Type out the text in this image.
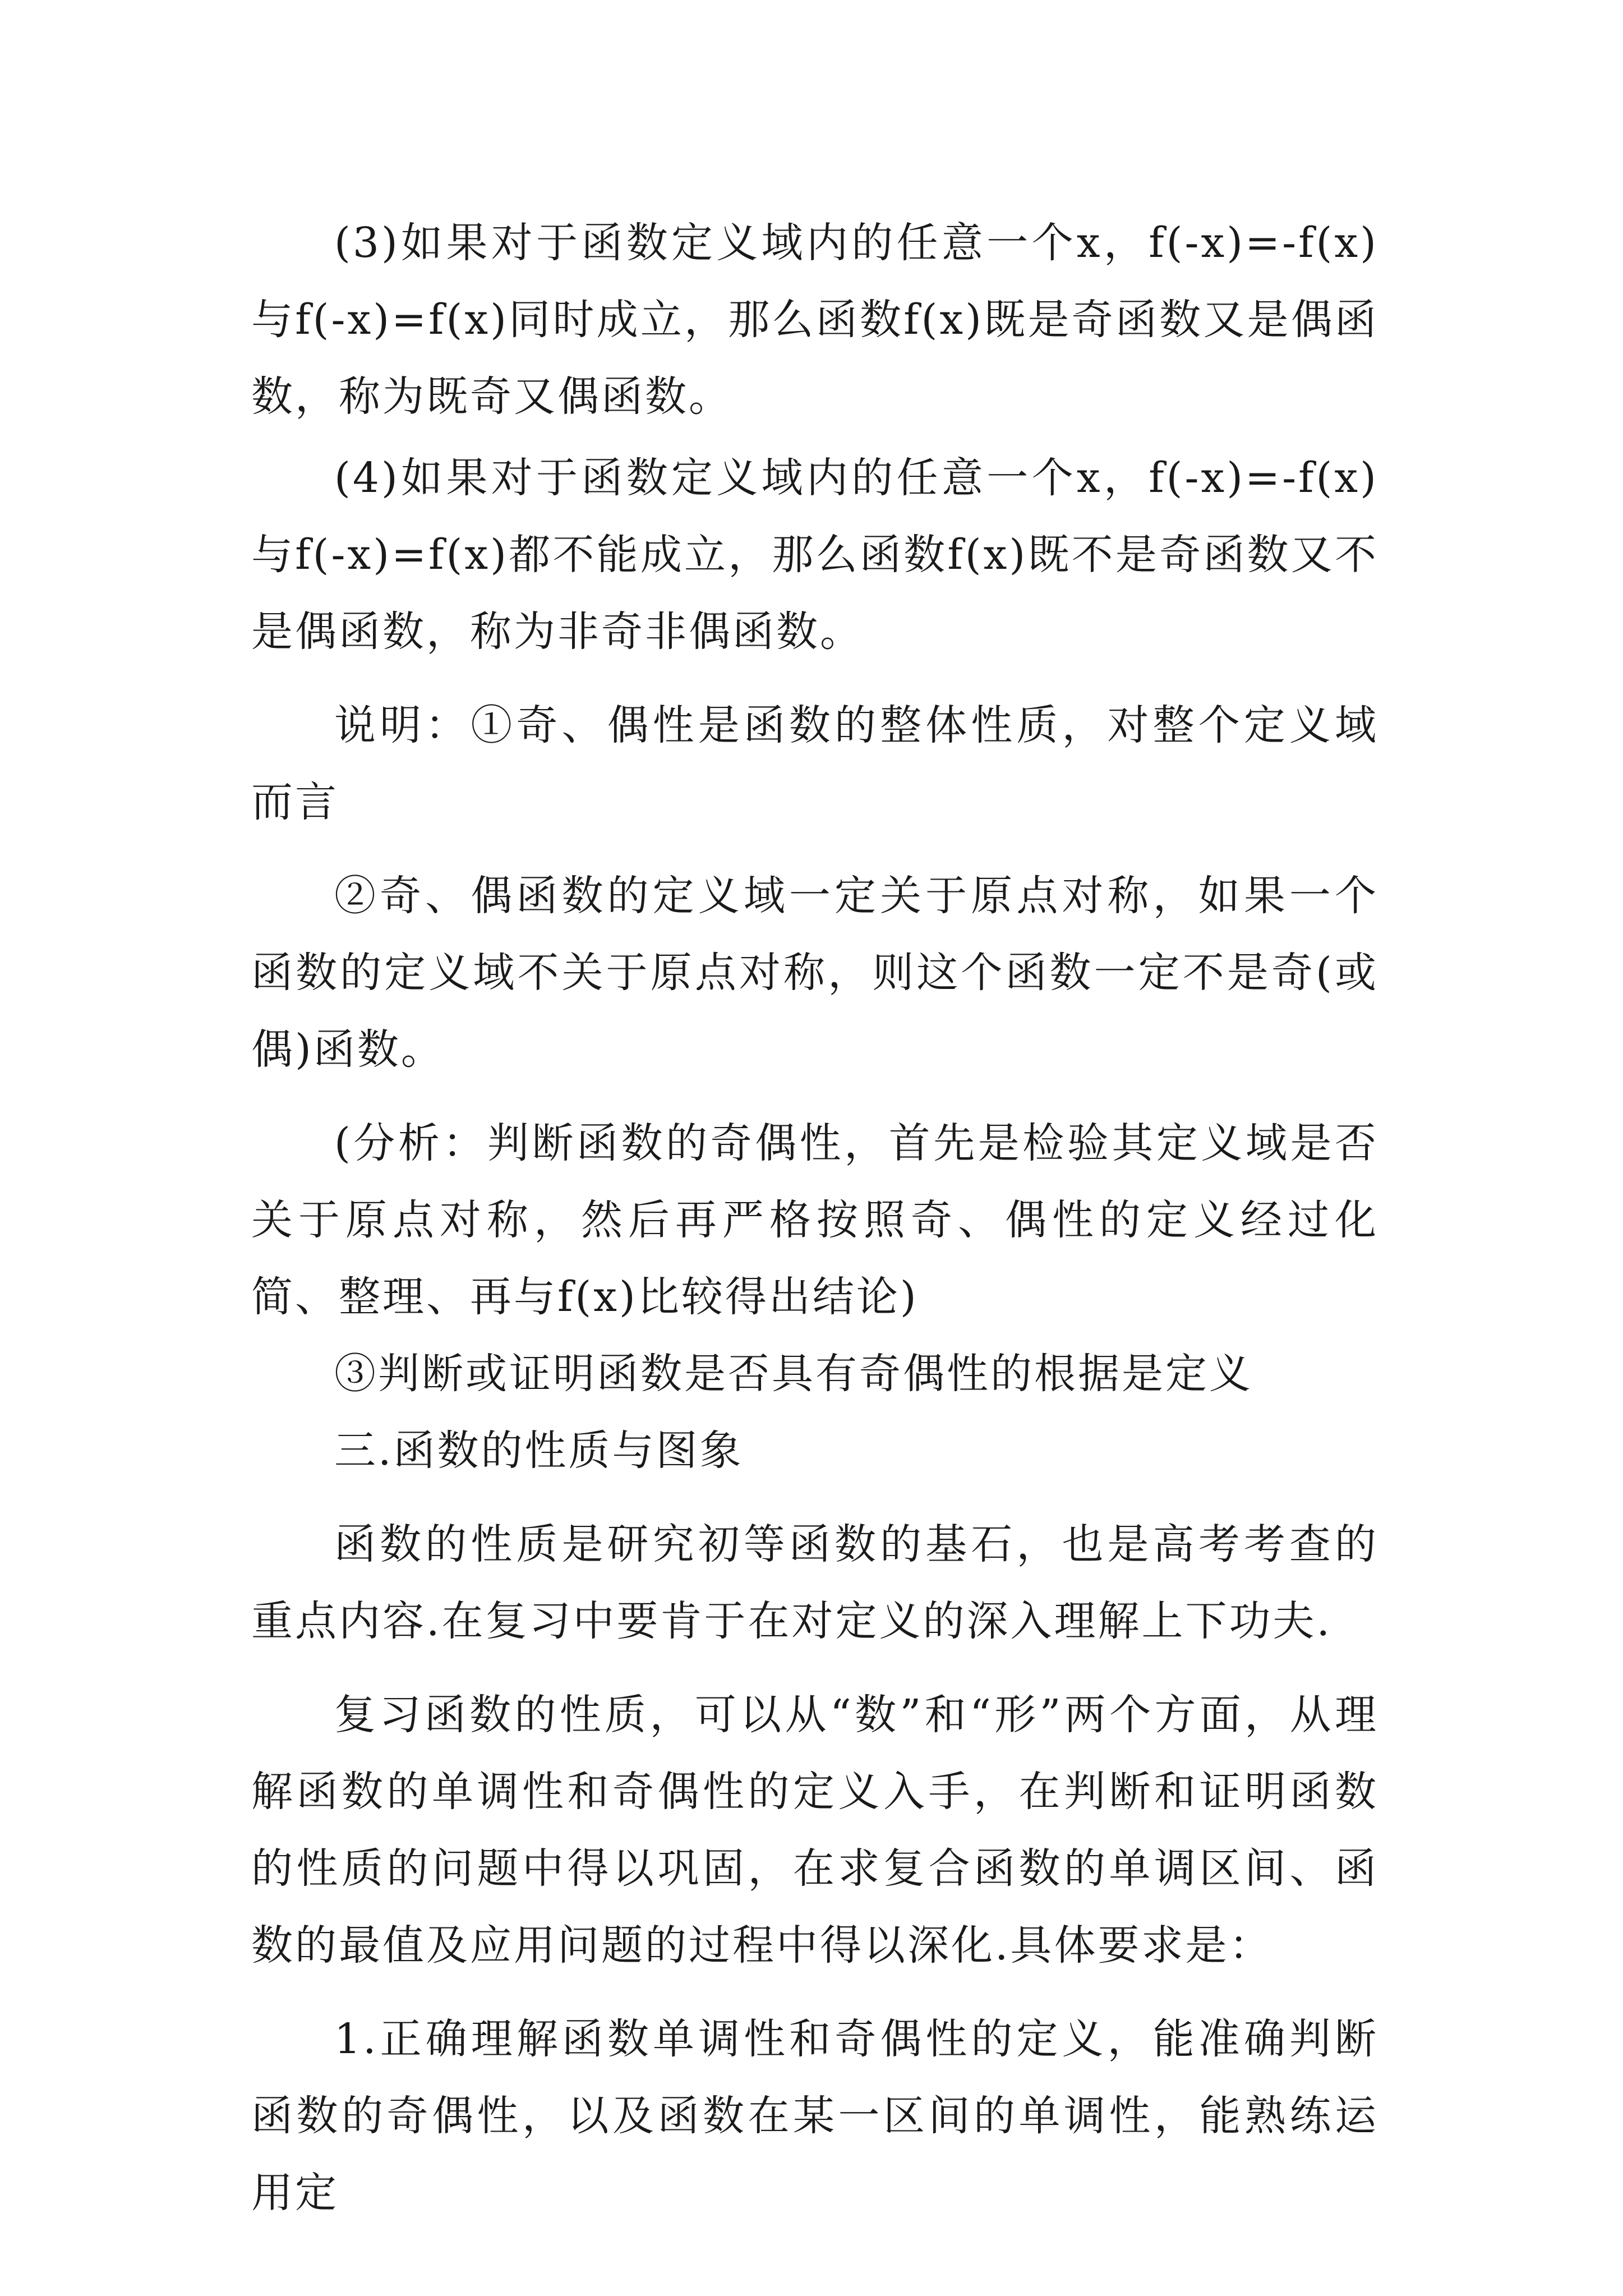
(3)如果对于函数定义域内的任意一个x，f(-x)=-f(x)与f(-x)=f(x)同时成立，那么函数f(x)既是奇函数又是偶函数，称为既奇又偶函数。

(4)如果对于函数定义域内的任意一个x，f(-x)=-f(x)与f(-x)=f(x)都不能成立，那么函数f(x)既不是奇函数又不是偶函数，称为非奇非偶函数。

说明：①奇、偶性是函数的整体性质，对整个定义域而言

②奇、偶函数的定义域一定关于原点对称，如果一个函数的定义域不关于原点对称，则这个函数一定不是奇(或偶)函数。

(分析：判断函数的奇偶性，首先是检验其定义域是否关于原点对称，然后再严格按照奇、偶性的定义经过化简、整理、再与f(x)比较得出结论)

③判断或证明函数是否具有奇偶性的根据是定义

三.函数的性质与图象

函数的性质是研究初等函数的基石，也是高考考查的重点内容.在复习中要肯于在对定义的深入理解上下功夫.

复习函数的性质，可以从“数”和“形”两个方面，从理解函数的单调性和奇偶性的定义入手，在判断和证明函数的性质的问题中得以巩固，在求复合函数的单调区间、函数的最值及应用问题的过程中得以深化.具体要求是：

1.正确理解函数单调性和奇偶性的定义，能准确判断函数的奇偶性，以及函数在某一区间的单调性，能熟练运用定
